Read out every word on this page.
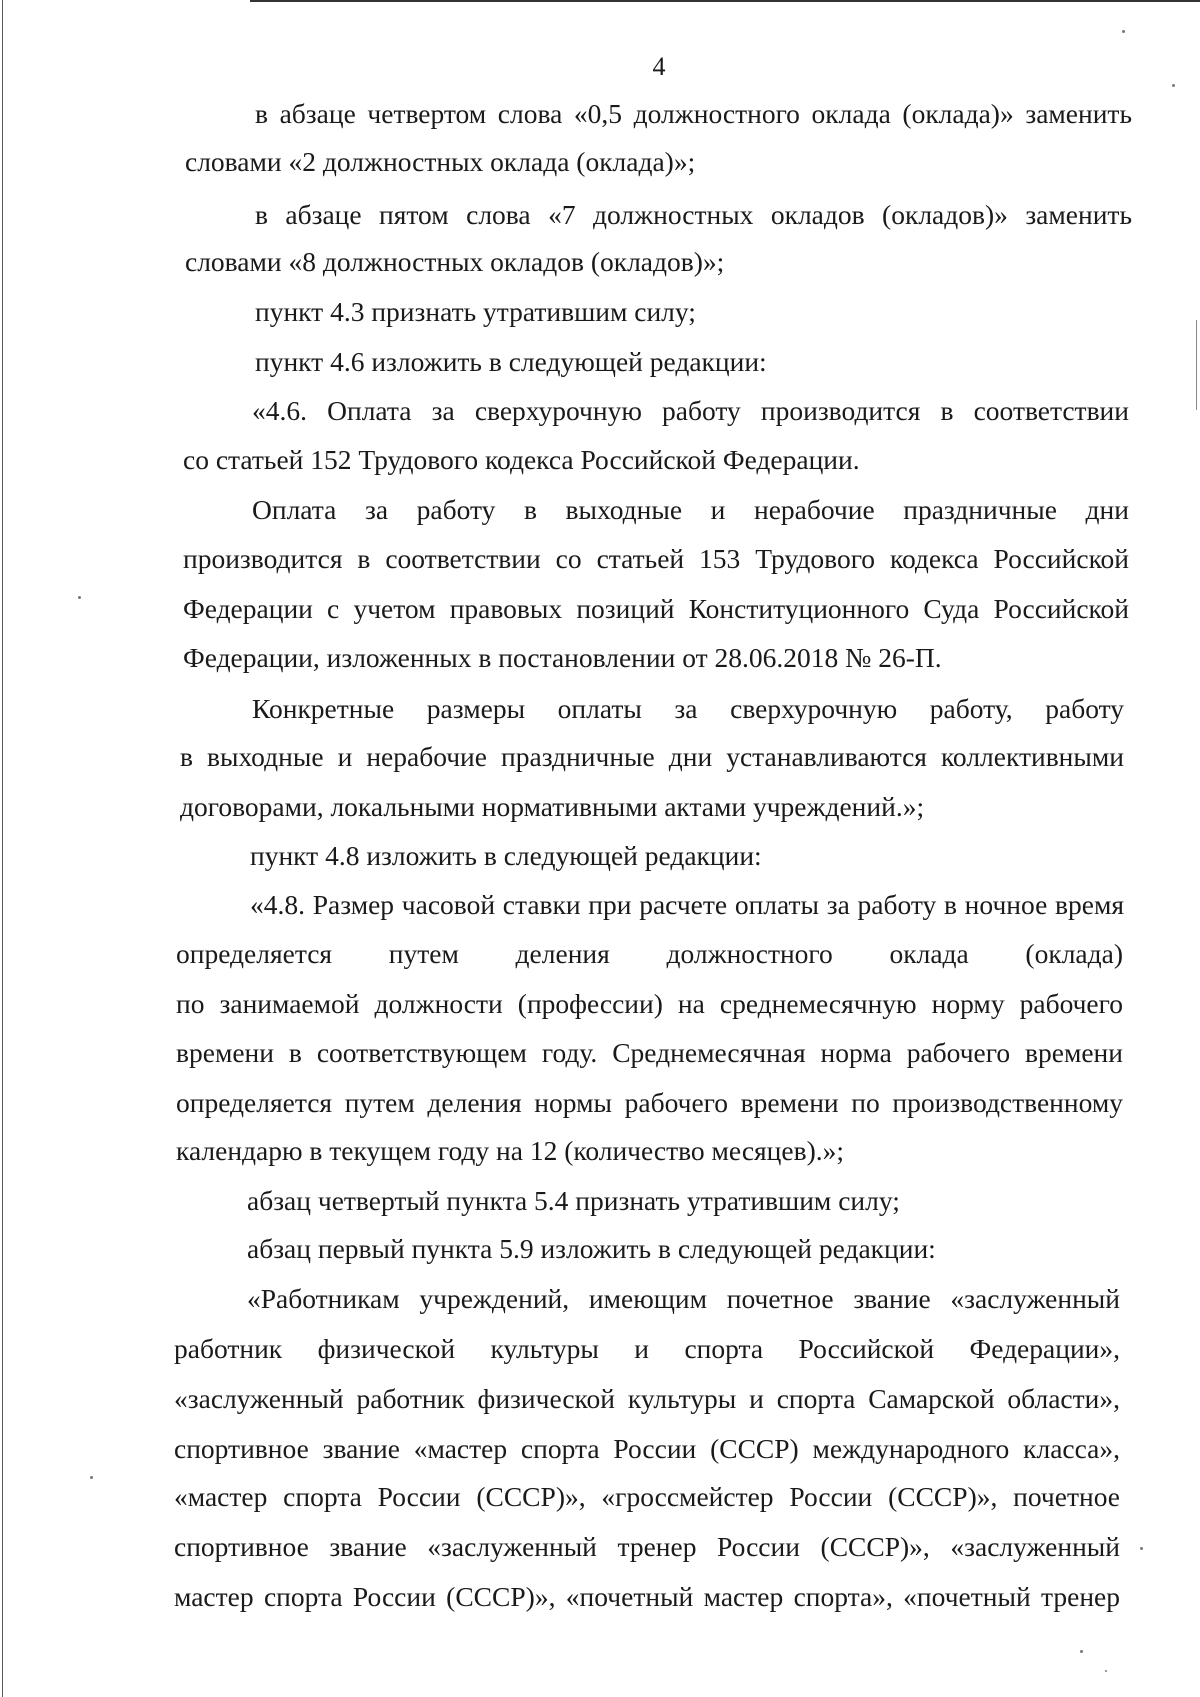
4
в абзаце четвертом слова «0,5 должностного оклада (оклада)» заменить
словами «2 должностных оклада (оклада)»;
в абзаце пятом слова «7 должностных окладов (окладов)» заменить
словами «8 должностных окладов (окладов)»;
пункт 4.3 признать утратившим силу;
пункт 4.6 изложить в следующей редакции:
«4.6. Оплата за сверхурочную работу производится в соответствии
со статьей 152 Трудового кодекса Российской Федерации.
Оплата за работу в выходные и нерабочие праздничные дни
производится в соответствии со статьей 153 Трудового кодекса Российской
Федерации с учетом правовых позиций Конституционного Суда Российской
Федерации, изложенных в постановлении от 28.06.2018 № 26-П.
Конкретные размеры оплаты за сверхурочную работу, работу
в выходные и нерабочие праздничные дни устанавливаются коллективными
договорами, локальными нормативными актами учреждений.»;
пункт 4.8 изложить в следующей редакции:
«4.8. Размер часовой ставки при расчете оплаты за работу в ночное время
определяется путем деления должностного оклада (оклада)
по занимаемой должности (профессии) на среднемесячную норму рабочего
времени в соответствующем году. Среднемесячная норма рабочего времени
определяется путем деления нормы рабочего времени по производственному
календарю в текущем году на 12 (количество месяцев).»;
абзац четвертый пункта 5.4 признать утратившим силу;
абзац первый пункта 5.9 изложить в следующей редакции:
«Работникам учреждений, имеющим почетное звание «заслуженный
работник физической культуры и спорта Российской Федерации»,
«заслуженный работник физической культуры и спорта Самарской области»,
спортивное звание «мастер спорта России (СССР) международного класса»,
«мастер спорта России (СССР)», «гроссмейстер России (СССР)», почетное
спортивное звание «заслуженный тренер России (СССР)», «заслуженный
мастер спорта России (СССР)», «почетный мастер спорта», «почетный тренер
